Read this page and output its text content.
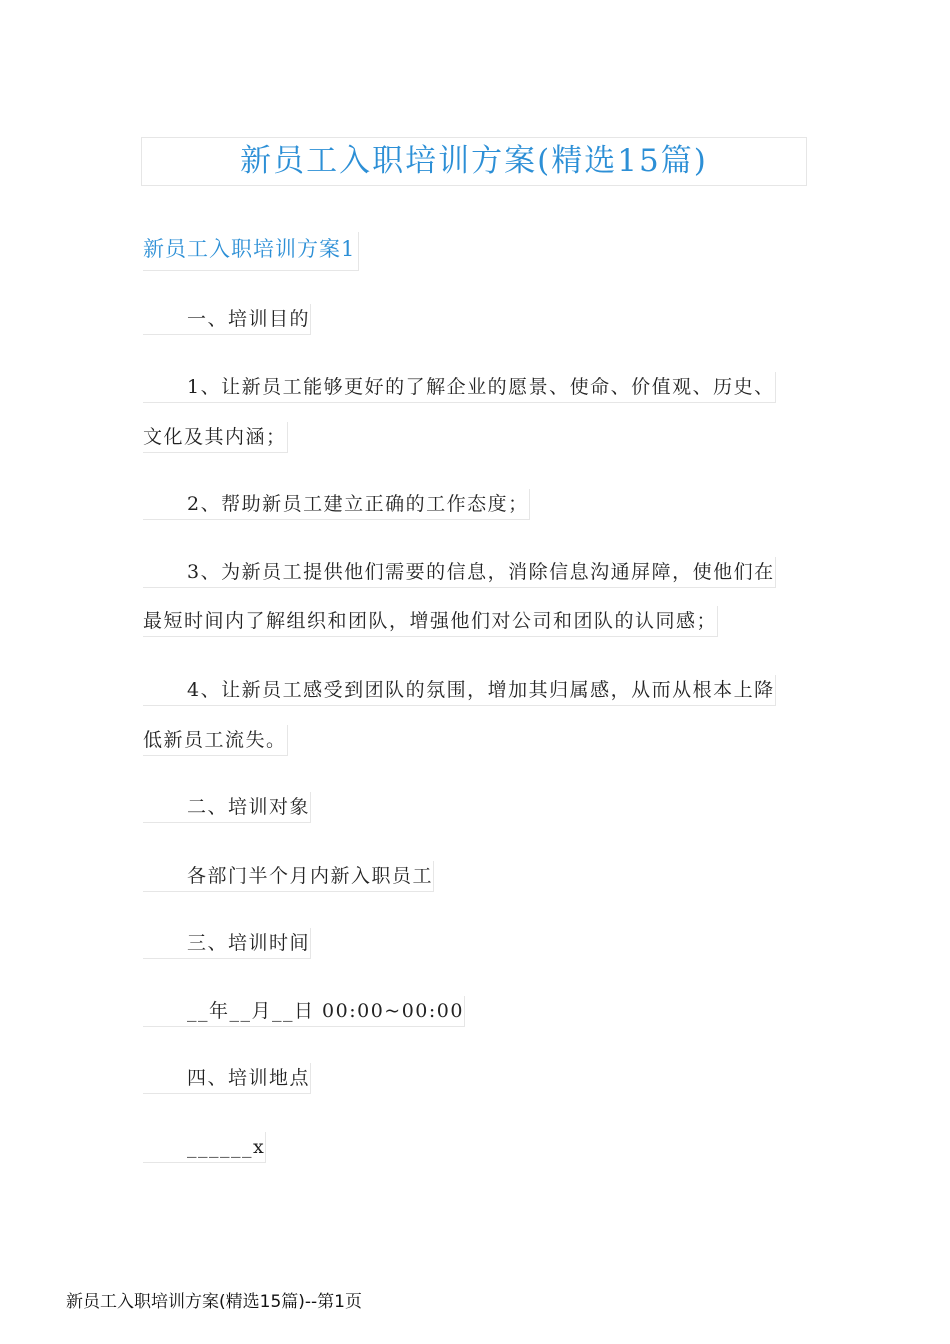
新员工入职培训方案(精选15篇)
新员工入职培训方案1
一、培训目的
1、让新员工能够更好的了解企业的愿景、使命、价值观、历史、
文化及其内涵；
2、帮助新员工建立正确的工作态度；
3、为新员工提供他们需要的信息，消除信息沟通屏障，使他们在
最短时间内了解组织和团队，增强他们对公司和团队的认同感；
4、让新员工感受到团队的氛围，增加其归属感，从而从根本上降
低新员工流失。
二、培训对象
各部门半个月内新入职员工
三、培训时间
__年__月__日 00:00~00:00
四、培训地点
______x
新员工入职培训方案(精选15篇)--第1页
